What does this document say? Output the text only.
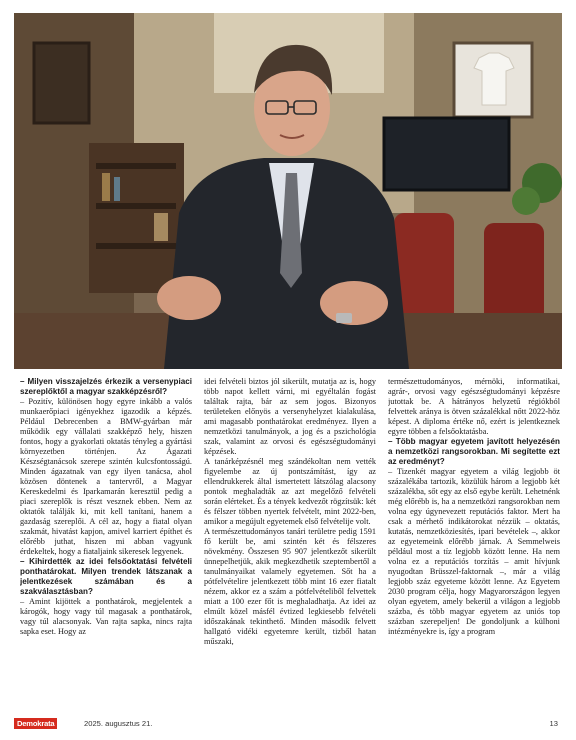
– Milyen visszajelzés érkezik a versenypiaci szereplőktől a magyar szakképzésről?

– Pozitív, különösen hogy egyre inkább a valós munkaerőpiaci igényekhez igazodik a képzés. Például Debrecenben a BMW-gyárban már működik egy vállalati szakképző hely, hiszen fontos, hogy a gyakorlati oktatás tényleg a gyártási környezetben történjen. Az Ágazati Készségtanácsok szerepe szintén kulcsfontosságú. Minden ágazatnak van egy ilyen tanácsa, ahol közösen döntenek a tantervről, a Magyar Kereskedelmi és Iparkamarán keresztül pedig a piaci szereplők is részt vesznek ebben. Nem az oktatók találják ki, mit kell tanítani, hanem a gazdaság szereplői. A cél az, hogy a fiatal olyan szakmát, hivatást kapjon, amivel karriert építhet és előrébb juthat, hiszen mi abban vagyunk érdekeltek, hogy a fiataljaink sikeresek legyenek.

– Kihirdették az idei felsőoktatási felvételi ponthatárokat. Milyen trendek látszanak a jelentkezések számában és a szakválasztásban?

– Amint kijöttek a ponthatárok, megjelentek a károgók, hogy vagy túl magasak a ponthatárok, vagy túl alacsonyak. Van rajta sapka, nincs rajta sapka eset. Hogy az

idei felvételi biztos jól sikerült, mutatja az is, hogy több napot kellett várni, mi egyéltalán fogást találtak rajta, bár az sem jogos. Bizonyos területeken előnyös a versenyhelyzet kialakulása, ami magasabb ponthatárokat eredményez. Ilyen a nemzetközi tanulmányok, a jog és a pszichológia szak, valamint az orvosi és egészségtudományi képzések.

A tanárképzésnél meg szándékoltan nem vették figyelembe az új pontszámítást, így az ellendrukkerek által ismertetett látszólag alacsony pontok meghaladták az azt megelőző felvételi során elérteket. És a tények kedvezőt rögzítsük: két és félszer többen nyertek felvételt, mint 2022-ben, amikor a megújult egyetemek első felvételije volt.

A természettudományos tanári területre pedig 1591 fő került be, ami szintén két és félszeres növekmény. Összesen 95 907 jelentkezőt sikerült ünnepelhetjük, akik megkezdhetik szeptembertől a tanulmányaikat valamely egyetemen. Sőt ha a pótfelvételire jelentkezett több mint 16 ezer fiatalt nézem, akkor ez a szám a pótfelvételiből felvettek miatt a 100 ezer főt is meghaladhatja. Az idei az elmúlt közel másfél évtized legkiesebb felvételi időszakának tekinthető. Minden második felvett hallgató vidéki egyetemre került, tizből hatan műszaki,

természettudományos, mérnöki, informatikai, agrár-, orvosi vagy egészségtudományi képzésre jutottak be. A hátrányos helyzetű régiókból felvettek aránya is ötven százalékkal nőtt 2022-höz képest. A diploma értéke nő, ezért is jelentkeznek egyre többen a felsőoktatásba.

– Több magyar egyetem javított helyezésén a nemzetközi rangsorokban. Mi segítette ezt az eredményt?

– Tizenkét magyar egyetem a világ legjobb öt százalékába tartozik, közülük három a legjobb két százalékba, sőt egy az első egybe került. Lehetnénk még előrébb is, ha a nemzetközi rangsorokban nem volna egy úgynevezett reputációs faktor. Mert ha csak a mérhető indikátorokat nézzük – oktatás, kutatás, nemzetköziesítés, ipari bevételek –, akkor az egyetemeink előrébb járnak. A Semmelweis például most a tíz legjobb között lenne. Ha nem volna ez a reputációs torzítás – amit hívjunk nyugodtan Brüsszel-faktornak –, már a világ legjobb száz egyeteme között lenne. Az Egyetem 2030 program célja, hogy Magyarországon legyen olyan egyetem, amely bekerül a világon a legjobb százba, és több magyar egyetem az uniós top százban szerepeljen! De gondoljunk a külhoni intézményekre is, így a program

Demokrata	2025. augusztus 21.	13
